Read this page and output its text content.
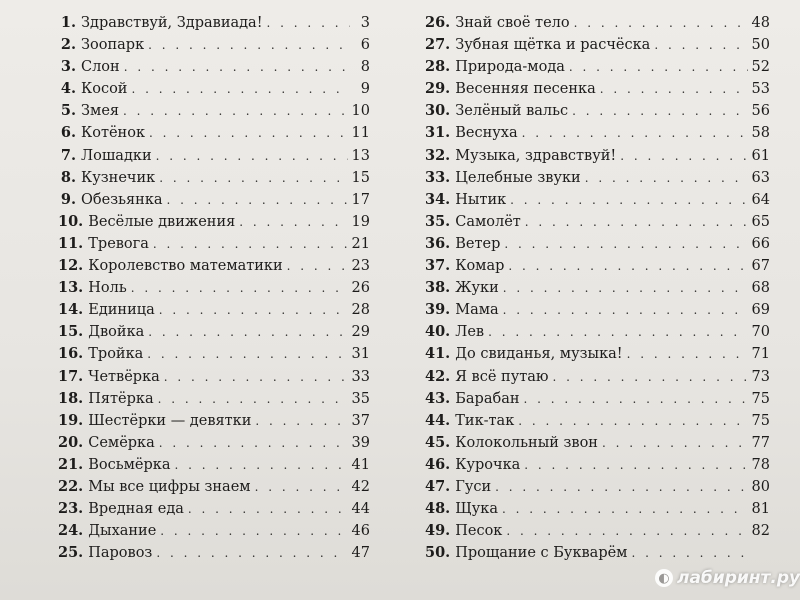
1. Здравствуй, Здравиада! . . .	3
2. Зоопарк . . .	6
3. Слон . . .	8
4. Косой . . .	9
5. Змея . . .	10
6. Котёнок . . .	11
7. Лошадки . . .	13
8. Кузнечик . . .	15
9. Обезьянка . . .	17
10. Весёлые движения . . .	19
11. Тревога . . .	21
12. Королевство математики . . .	23
13. Ноль . . .	26
14. Единица . . .	28
15. Двойка . . .	29
16. Тройка . . .	31
17. Четвёрка . . .	33
18. Пятёрка . . .	35
19. Шестёрки — девятки . . .	37
20. Семёрка . . .	39
21. Восьмёрка . . .	41
22. Мы все цифры знаем . . .	42
23. Вредная еда . . .	44
24. Дыхание . . .	46
25. Паровоз . . .	47
26. Знай своё тело . . .	48
27. Зубная щётка и расчёска . . .	50
28. Природа-мода . . .	52
29. Весенняя песенка . . .	53
30. Зелёный вальс . . .	56
31. Веснуха . . .	58
32. Музыка, здравствуй! . . .	61
33. Целебные звуки . . .	63
34. Нытик . . .	64
35. Самолёт . . .	65
36. Ветер . . .	66
37. Комар . . .	67
38. Жуки . . .	68
39. Мама . . .	69
40. Лев . . .	70
41. До свиданья, музыка! . . .	71
42. Я всё путаю . . .	73
43. Барабан . . .	75
44. Тик-так . . .	75
45. Колокольный звон . . .	77
46. Курочка . . .	78
47. Гуси . . .	80
48. Щука . . .	81
49. Песок . . .	82
50. Прощание с Букварём
. . .
◐ лабиринт.ру
